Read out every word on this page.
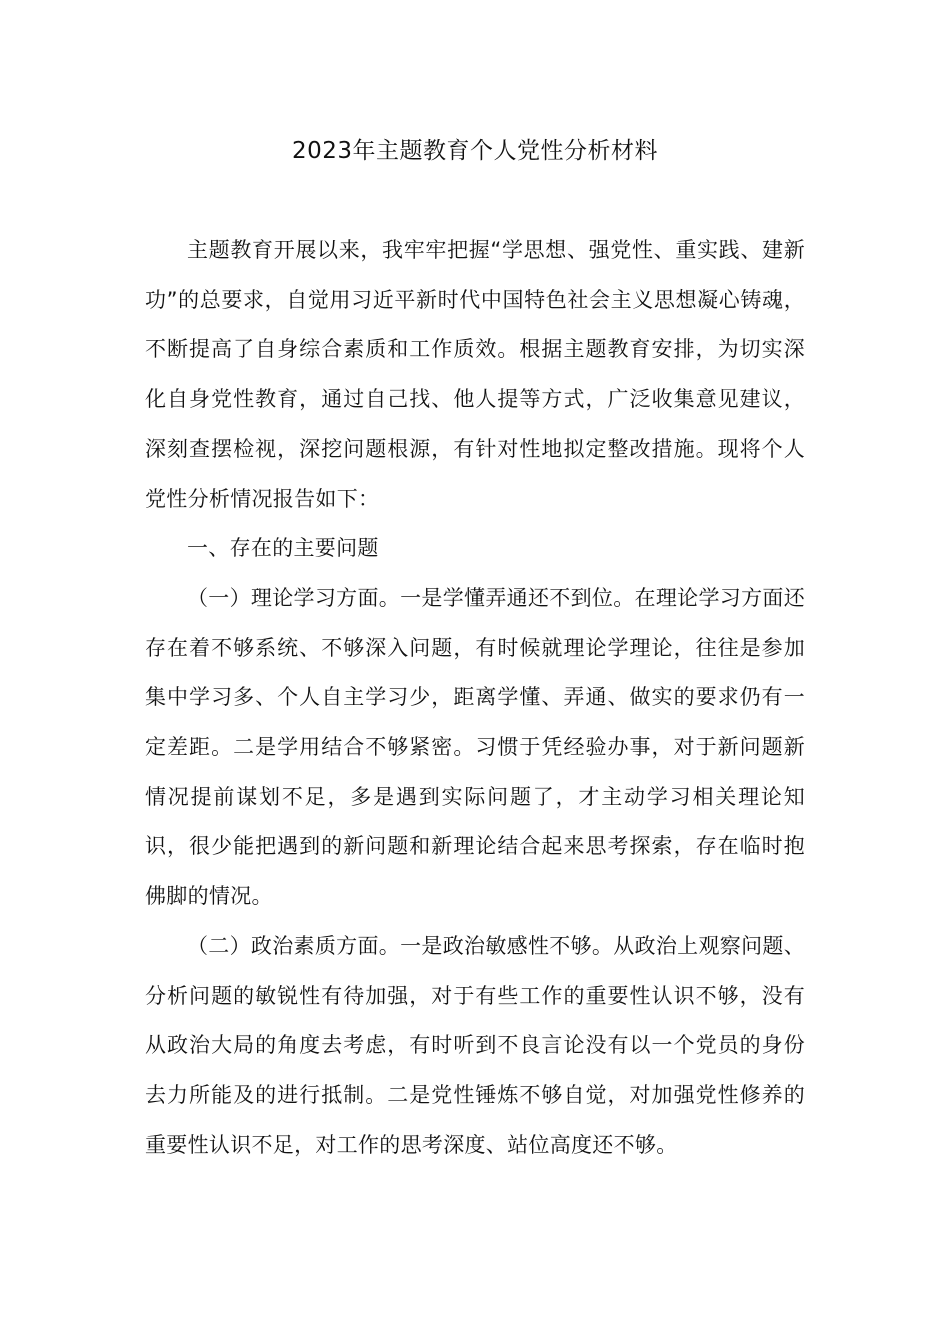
2023年主题教育个人党性分析材料

主题教育开展以来，我牢牢把握“学思想、强党性、重实践、建新功”的总要求，自觉用习近平新时代中国特色社会主义思想凝心铸魂，不断提高了自身综合素质和工作质效。根据主题教育安排，为切实深化自身党性教育，通过自己找、他人提等方式，广泛收集意见建议，深刻查摆检视，深挖问题根源，有针对性地拟定整改措施。现将个人党性分析情况报告如下：

一、存在的主要问题

（一）理论学习方面。一是学懂弄通还不到位。在理论学习方面还存在着不够系统、不够深入问题，有时候就理论学理论，往往是参加集中学习多、个人自主学习少，距离学懂、弄通、做实的要求仍有一定差距。二是学用结合不够紧密。习惯于凭经验办事，对于新问题新情况提前谋划不足，多是遇到实际问题了，才主动学习相关理论知识，很少能把遇到的新问题和新理论结合起来思考探索，存在临时抱佛脚的情况。

（二）政治素质方面。一是政治敏感性不够。从政治上观察问题、分析问题的敏锐性有待加强，对于有些工作的重要性认识不够，没有从政治大局的角度去考虑，有时听到不良言论没有以一个党员的身份去力所能及的进行抵制。二是党性锤炼不够自觉，对加强党性修养的重要性认识不足，对工作的思考深度、站位高度还不够。
